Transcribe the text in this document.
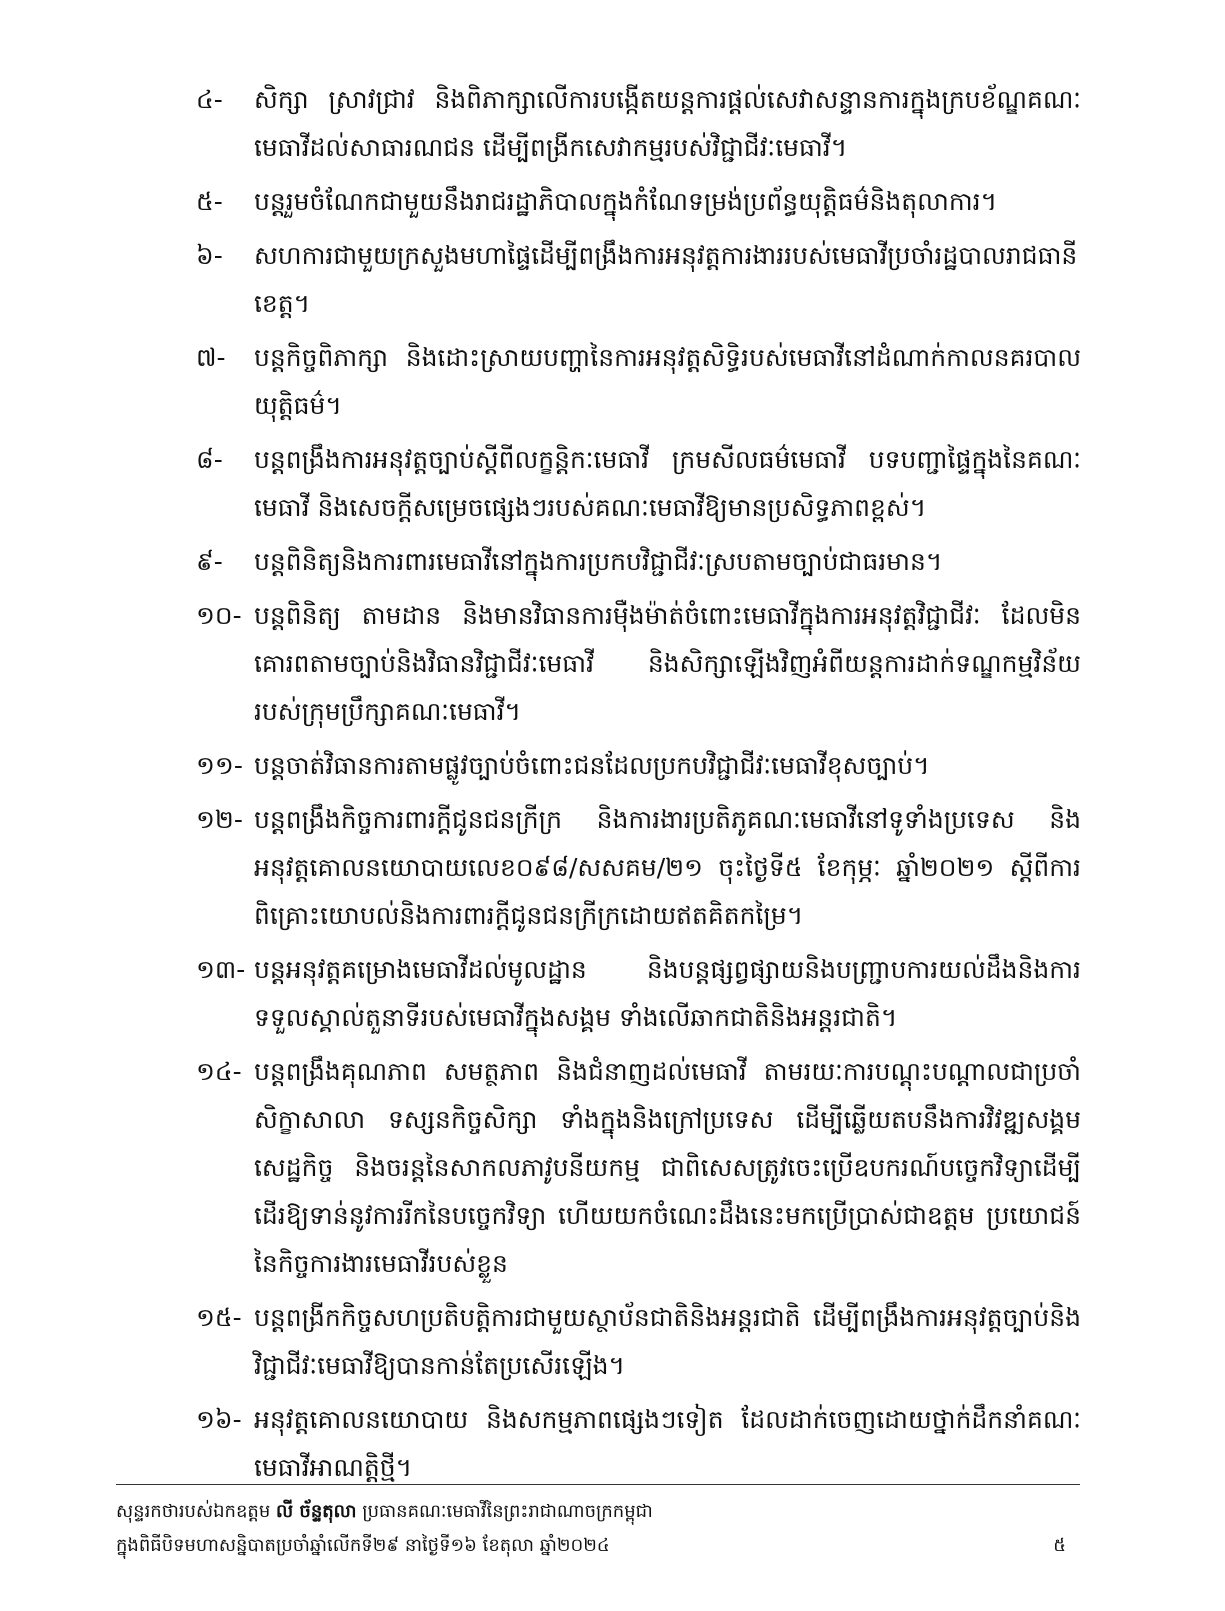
៤-	សិក្សា ស្រាវជ្រាវ និងពិភាក្សាលើការបង្កើតយន្តការផ្ដល់សេវាសន្ទានការក្នុងក្របខ័ណ្ឌគណៈមេធាវីដល់សាធារណជន ដើម្បីពង្រីកសេវាកម្មរបស់វិជ្ជាជីវៈមេធាវី។
៥-	បន្តរួមចំណែកជាមួយនឹងរាជរដ្ឋាភិបាលក្នុងកំណែទម្រង់ប្រព័ន្ធយុត្តិធម៌និងតុលាការ។
៦-	សហការជាមួយក្រសួងមហាផ្ទៃដើម្បីពង្រឹងការអនុវត្តការងាររបស់មេធាវីប្រចាំរដ្ឋបាលរាជធានីខេត្ត។
៧-	បន្តកិច្ចពិភាក្សា និងដោះស្រាយបញ្ហានៃការអនុវត្តសិទ្ធិរបស់មេធាវីនៅដំណាក់កាលនគរបាលយុត្តិធម៌។
៨-	បន្តពង្រឹងការអនុវត្តច្បាប់ស្តីពីលក្ខន្តិកៈមេធាវី ក្រមសីលធម៌មេធាវី បទបញ្ជាផ្ទៃក្នុងនៃគណៈមេធាវី និងសេចក្តីសម្រេចផ្សេងៗរបស់គណៈមេធាវីឱ្យមានប្រសិទ្ធភាពខ្ពស់។
៩-	បន្តពិនិត្យនិងការពារមេធាវីនៅក្នុងការប្រកបវិជ្ជាជីវៈស្របតាមច្បាប់ជាធរមាន។
១០- បន្តពិនិត្យ តាមដាន និងមានវិធានការម៉ឺងម៉ាត់ចំពោះមេធាវីក្នុងការអនុវត្តវិជ្ជាជីវៈ ដែលមិនគោរពតាមច្បាប់និងវិធានវិជ្ជាជីវៈមេធាវី និងសិក្សាឡើងវិញអំពីយន្តការដាក់ទណ្ឌកម្មវិន័យរបស់ក្រុមប្រឹក្សាគណៈមេធាវី។
១១- បន្តចាត់វិធានការតាមផ្លូវច្បាប់ចំពោះជនដែលប្រកបវិជ្ជាជីវៈមេធាវីខុសច្បាប់។
១២- បន្តពង្រឹងកិច្ចការពារក្តីជូនជនក្រីក្រ និងការងារប្រតិភូគណៈមេធាវីនៅទូទាំងប្រទេស និងអនុវត្តគោលនយោបាយលេខ០៩៨/សសគម/២១ ចុះថ្ងៃទី៥ ខែកុម្ភៈ ឆ្នាំ២០២១ ស្តីពីការពិគ្រោះយោបល់និងការពារក្តីជូនជនក្រីក្រដោយឥតគិតកម្រៃ។
១៣- បន្តអនុវត្តគម្រោងមេធាវីដល់មូលដ្ឋាន និងបន្តផ្សព្វផ្សាយនិងបញ្ជ្រាបការយល់ដឹងនិងការទទួលស្គាល់តួនាទីរបស់មេធាវីក្នុងសង្គម ទាំងលើឆាកជាតិនិងអន្តរជាតិ។
១៤- បន្តពង្រឹងគុណភាព សមត្ថភាព និងជំនាញដល់មេធាវី តាមរយៈការបណ្តុះបណ្តាលជាប្រចាំសិក្ខាសាលា ទស្សនកិច្ចសិក្សា ទាំងក្នុងនិងក្រៅប្រទេស ដើម្បីឆ្លើយតបនឹងការវិវឌ្ឍសង្គមសេដ្ឋកិច្ច និងចរន្តនៃសាកលភាវូបនីយកម្ម ជាពិសេសត្រូវចេះប្រើឧបករណ៍បច្ចេកវិទ្យាដើម្បីដើរឱ្យទាន់នូវការរីកនៃបច្ចេកវិទ្យា ហើយយកចំណេះដឹងនេះមកប្រើប្រាស់ជាឧត្តម ប្រយោជន៍នៃកិច្ចការងារមេធាវីរបស់ខ្លួន
១៥- បន្តពង្រីកកិច្ចសហប្រតិបត្តិការជាមួយស្ថាប័នជាតិនិងអន្តរជាតិ ដើម្បីពង្រឹងការអនុវត្តច្បាប់និងវិជ្ជាជីវៈមេធាវីឱ្យបានកាន់តែប្រសើរឡើង។
១៦- អនុវត្តគោលនយោបាយ និងសកម្មភាពផ្សេងៗទៀត ដែលដាក់ចេញដោយថ្នាក់ដឹកនាំគណៈមេធាវីអាណត្តិថ្មី។
សុន្ទរកថារបស់ឯកឧត្តម លី ច័ន្ទតុលា ប្រធានគណៈមេធាវីនៃព្រះរាជាណាចក្រកម្ពុជា
ក្នុងពិធីបិទមហាសន្និបាតប្រចាំឆ្នាំលើកទី២៩ នាថ្ងៃទី១៦ ខែតុលា ឆ្នាំ២០២៤	៥
